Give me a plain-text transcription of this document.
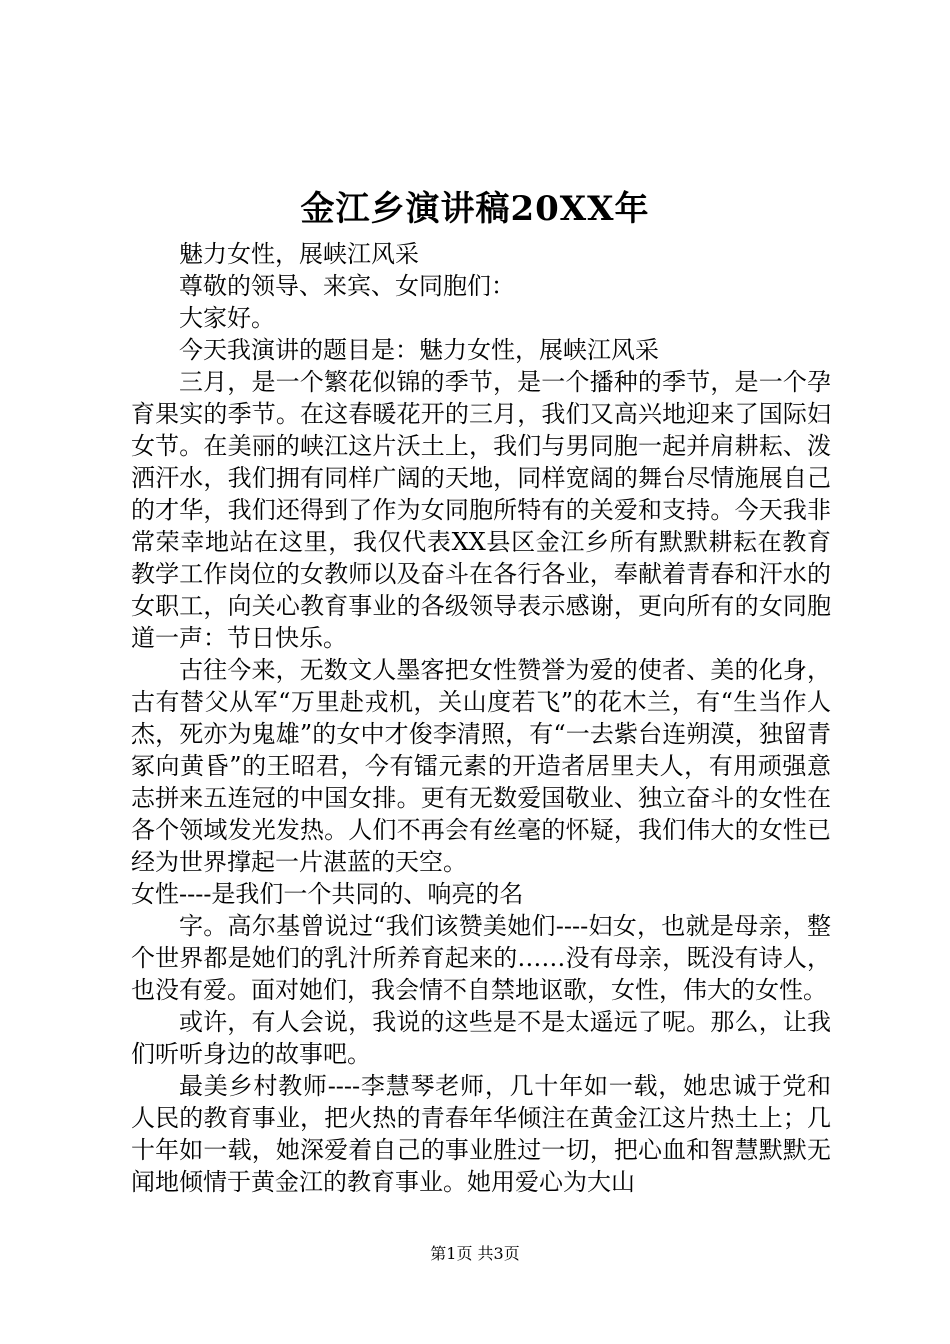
金江乡演讲稿20XX年

魅力女性，展峡江风采

尊敬的领导、来宾、女同胞们：

大家好。

今天我演讲的题目是：魅力女性，展峡江风采

三月，是一个繁花似锦的季节，是一个播种的季节，是一个孕育果实的季节。在这春暖花开的三月，我们又高兴地迎来了国际妇女节。在美丽的峡江这片沃土上，我们与男同胞一起并肩耕耘、泼洒汗水，我们拥有同样广阔的天地，同样宽阔的舞台尽情施展自己的才华，我们还得到了作为女同胞所特有的关爱和支持。今天我非常荣幸地站在这里，我仅代表XX县区金江乡所有默默耕耘在教育教学工作岗位的女教师以及奋斗在各行各业，奉献着青春和汗水的女职工，向关心教育事业的各级领导表示感谢，更向所有的女同胞道一声：节日快乐。

古往今来，无数文人墨客把女性赞誉为爱的使者、美的化身，古有替父从军“万里赴戎机，关山度若飞”的花木兰，有“生当作人杰，死亦为鬼雄”的女中才俊李清照，有“一去紫台连朔漠，独留青冢向黄昏”的王昭君，今有镭元素的开造者居里夫人，有用顽强意志拼来五连冠的中国女排。更有无数爱国敬业、独立奋斗的女性在各个领域发光发热。人们不再会有丝毫的怀疑，我们伟大的女性已经为世界撑起一片湛蓝的天空。

女性----是我们一个共同的、响亮的名

字。高尔基曾说过“我们该赞美她们----妇女，也就是母亲，整个世界都是她们的乳汁所养育起来的……没有母亲，既没有诗人，也没有爱。面对她们，我会情不自禁地讴歌，女性，伟大的女性。

或许，有人会说，我说的这些是不是太遥远了呢。那么，让我们听听身边的故事吧。

最美乡村教师----李慧琴老师，几十年如一载，她忠诚于党和人民的教育事业，把火热的青春年华倾注在黄金江这片热土上；几十年如一载，她深爱着自己的事业胜过一切，把心血和智慧默默无闻地倾情于黄金江的教育事业。她用爱心为大山

第1页 共3页
